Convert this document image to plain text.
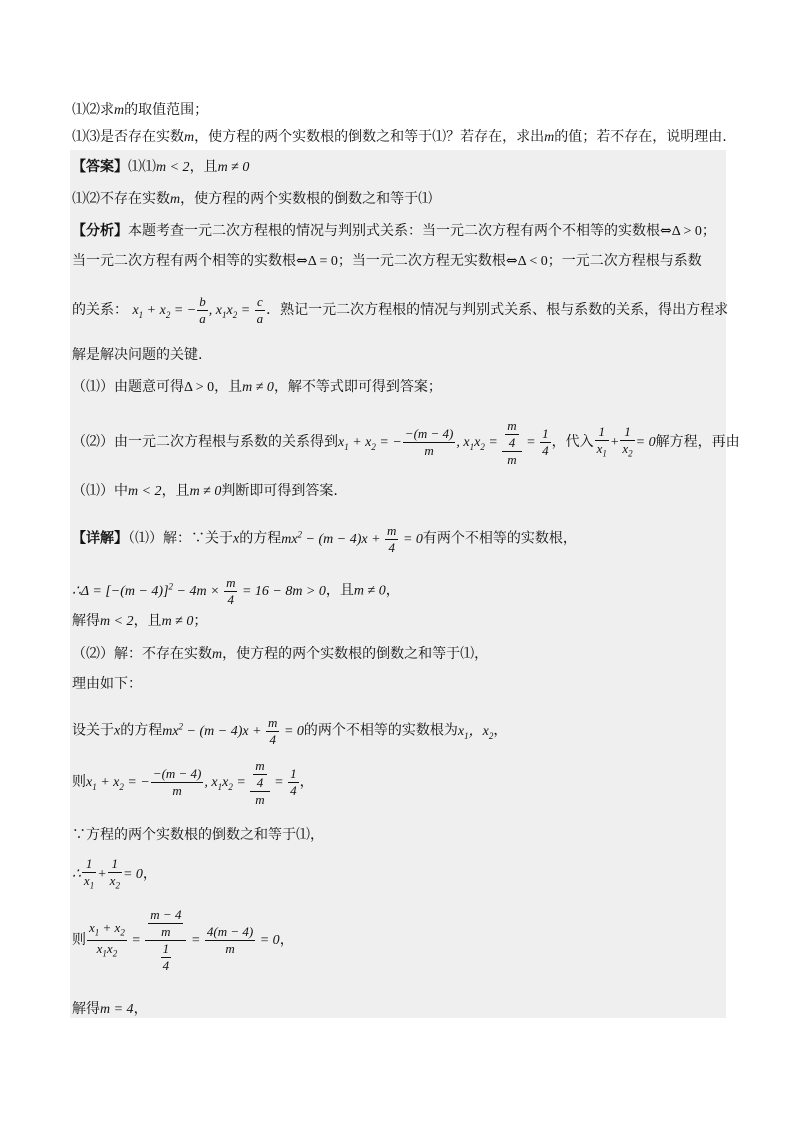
⑴⑵求m的取值范围；
⑴⑶是否存在实数m，使方程的两个实数根的倒数之和等于⑴？若存在，求出m的值；若不存在，说明理由.
【答案】⑴⑴m < 2，且m ≠ 0
⑴⑵不存在实数m，使方程的两个实数根的倒数之和等于⑴
【分析】本题考查一元二次方程根的情况与判别式关系：当一元二次方程有两个不相等的实数根⇔Δ > 0；
当一元二次方程有两个相等的实数根⇔Δ = 0；当一元二次方程无实数根⇔Δ < 0；一元二次方程根与系数
的关系： $x_1 + x_2$ = − $\frac{b}{a}$ , $x_1x_2 = \frac{c}{a}$ ．熟记一元二次方程根的情况与判别式关系、根与系数的关系，得出方程求
解是解决问题的关键.
（⑴）由题意可得Δ > 0，且m ≠ 0，解不等式即可得到答案；
（⑵）由一元二次方程根与系数的关系得到$x_1 + x_2$ = − $\frac{-(m - 4)}{m}$ , $x_1x_2 = \frac{\frac{m}{4}}{m} = \frac{1}{4}$ ，代入 $\frac{1}{x_1} + \frac{1}{x_2} = 0$解方程，再由
（⑴）中m < 2，且m ≠ 0判断即可得到答案.
【详解】（⑴）解：∵关于x的方程$mx^2 - (m - 4)x + \frac{m}{4} = 0$有两个不相等的实数根，
∴Δ = $[-(m - 4)]^2 - 4m \times \frac{m}{4} = 16 - 8m > 0$，且m ≠ 0，
解得m < 2，且m ≠ 0；
（⑵）解：不存在实数m，使方程的两个实数根的倒数之和等于⑴，
理由如下：
设关于x的方程$mx^2 - (m - 4)x + \frac{m}{4} = 0$的两个不相等的实数根为$x_1$，$x_2$，
则$x_1 + x_2$ = − $\frac{-(m - 4)}{m}$ , $x_1x_2 = \frac{\frac{m}{4}}{m} = \frac{1}{4}$ ，
∵方程的两个实数根的倒数之和等于⑴，
∴ $\frac{1}{x_1} + \frac{1}{x_2} = 0$，
则 $\frac{x_1 + x_2}{x_1x_2} = \frac{\frac{m - 4}{m}}{\frac{1}{4}} = \frac{4(m - 4)}{m} = 0$，
解得m = 4，
